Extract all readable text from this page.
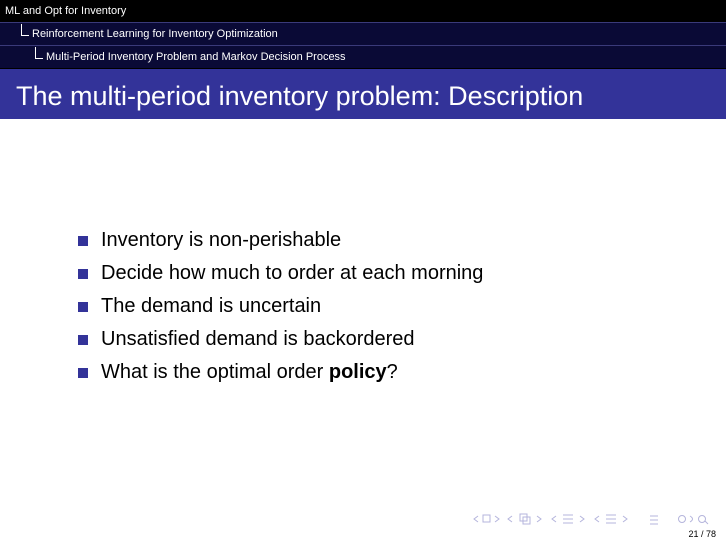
ML and Opt for Inventory
Reinforcement Learning for Inventory Optimization
Multi-Period Inventory Problem and Markov Decision Process
The multi-period inventory problem: Description
Inventory is non-perishable
Decide how much to order at each morning
The demand is uncertain
Unsatisfied demand is backordered
What is the optimal order policy?
21 / 78
